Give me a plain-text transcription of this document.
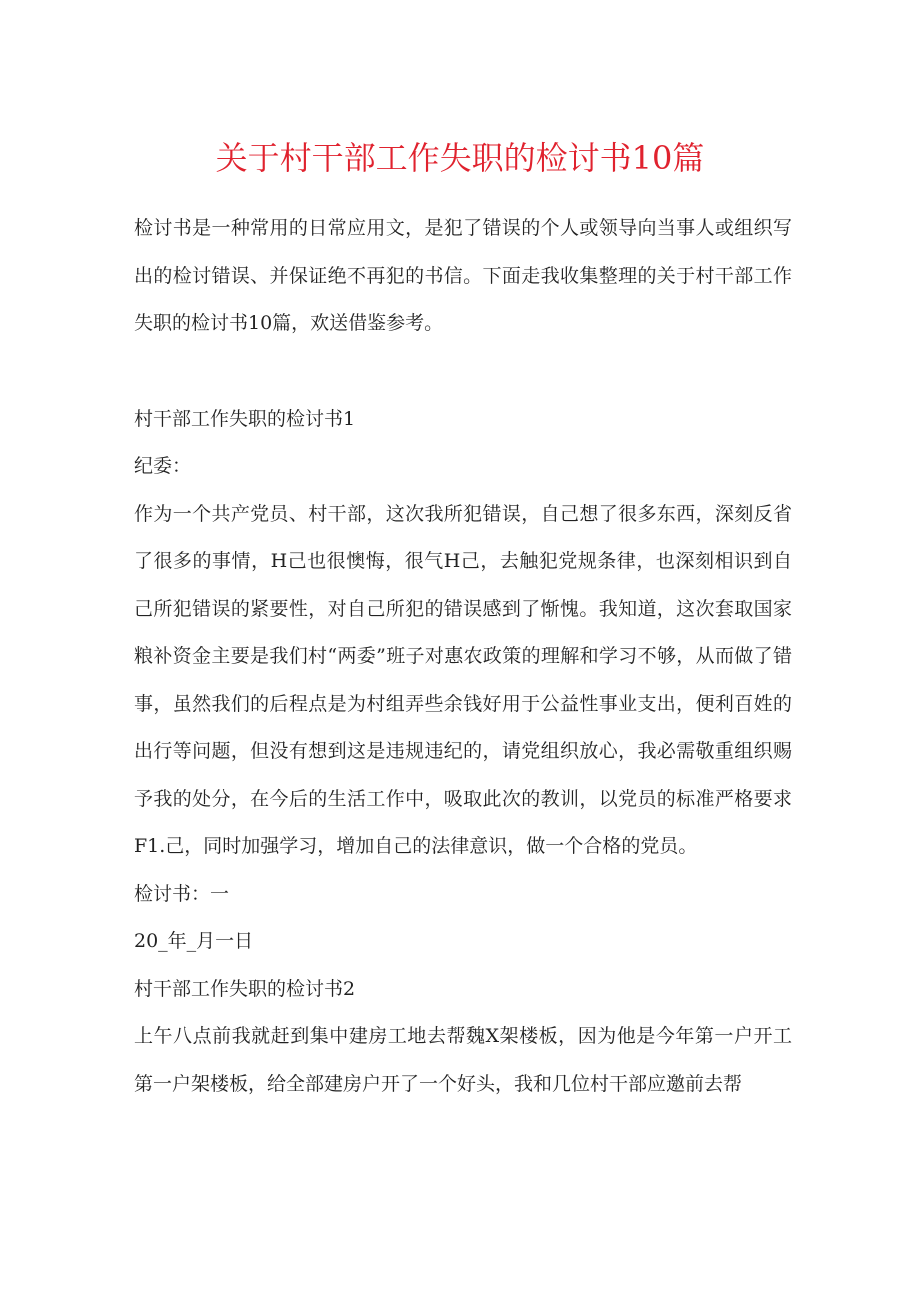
关于村干部工作失职的检讨书10篇

检讨书是一种常用的日常应用文，是犯了错误的个人或领导向当事人或组织写出的检讨错误、并保证绝不再犯的书信。下面走我收集整理的关于村干部工作失职的检讨书10篇，欢送借鉴参考。

村干部工作失职的检讨书1

纪委：

作为一个共产党员、村干部，这次我所犯错误，自己想了很多东西，深刻反省了很多的事情，H己也很懊悔，很气H己，去触犯党规条律，也深刻相识到自己所犯错误的紧要性，对自己所犯的错误感到了惭愧。我知道，这次套取国家粮补资金主要是我们村“两委”班子对惠农政策的理解和学习不够，从而做了错事，虽然我们的后程点是为村组弄些余钱好用于公益性事业支出，便利百姓的出行等问题，但没有想到这是违规违纪的，请党组织放心，我必需敬重组织赐予我的处分，在今后的生活工作中，吸取此次的教训，以党员的标准严格要求F1.己，同时加强学习，增加自己的法律意识，做一个合格的党员。

检讨书：一

20_年_月一日

村干部工作失职的检讨书2

上午八点前我就赶到集中建房工地去帮魏X架楼板，因为他是今年第一户开工第一户架楼板，给全部建房户开了一个好头，我和几位村干部应邀前去帮
